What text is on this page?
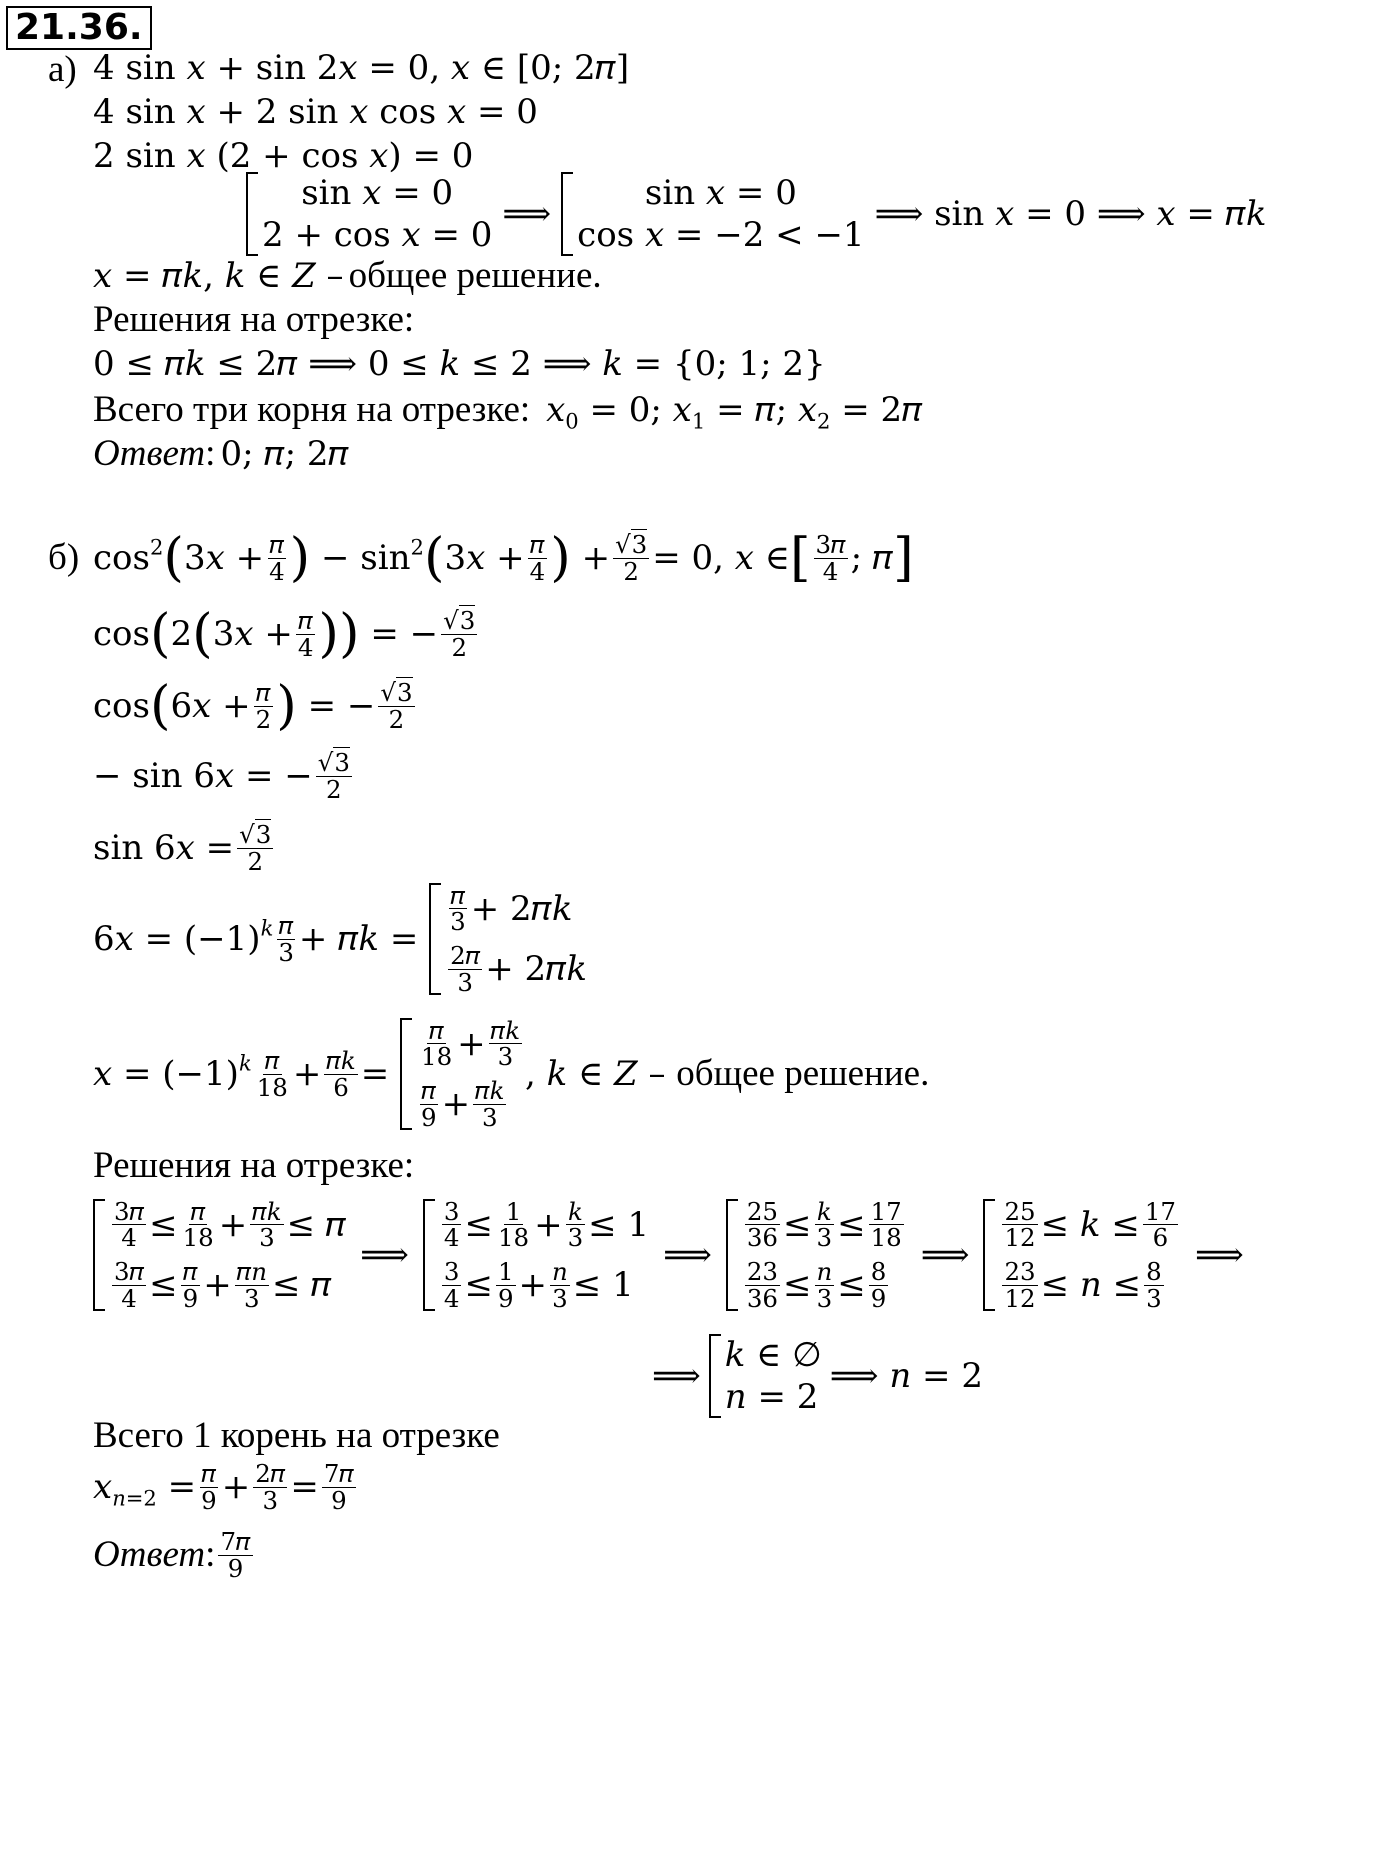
21.36.
а) 4 sin 𝑥 + sin 2𝑥 = 0, 𝑥 ∈ [0; 2𝜋]
4 sin 𝑥 + 2 sin 𝑥 cos 𝑥 = 0
2 sin 𝑥 (2 + cos 𝑥) = 0
sin 𝑥 = 0
2 + cos 𝑥 = 0
⟹
sin 𝑥 = 0
cos 𝑥 = −2 < −1
⟹ sin 𝑥 = 0 ⟹ 𝑥 = 𝜋𝑘
𝑥 = 𝜋𝑘, 𝑘 ∈ 𝑍 – общее решение.
Решения на отрезке:
0 ≤ 𝜋𝑘 ≤ 2𝜋 ⟹ 0 ≤ 𝑘 ≤ 2 ⟹ 𝑘 = {0; 1; 2}
Всего три корня на отрезке:  𝑥$_0$ = 0; 𝑥$_1$ = 𝜋; 𝑥$_2$ = 2𝜋
Ответ: 0; 𝜋; 2𝜋
б) $\cos^2$ ( 3𝑥 + 𝜋
4 ) − $\sin^2$ ( 3𝑥 + 𝜋
4 ) + $\frac{√3}{2} = 0$, 𝑥 ∈ [ 3𝜋
4 ; 𝜋 ]
cos ( 2 ( 3𝑥 + 𝜋
4 )) = − $\frac{√3}{2}$
cos ( 6𝑥 + 𝜋
2 ) = − $\frac{√3}{2}$
− sin 6𝑥 = − $\frac{√3}{2}$
sin 6𝑥 = $\frac{√3}{2}$
6𝑥 = $(-1)^𝑘$ 𝜋
3 + 𝜋𝑘 =
𝜋
3 + 2𝜋𝑘
2𝜋
3 + 2𝜋𝑘
𝑥 = $(-1)^𝑘$ 𝜋
18 + 𝜋𝑘
6 =
𝜋
18 + 𝜋𝑘
3
𝜋
9 + 𝜋𝑘
3
, 𝑘 ∈ 𝑍 – общее решение.
Решения на отрезке:
3𝜋
4 ≤ 𝜋
18 + 𝜋𝑘
3 ≤ 𝜋
3𝜋
4 ≤ 𝜋
9 + 𝜋𝑛
3 ≤ 𝜋
⟹
$\frac{3}{4} \le \frac{1}{18}$ + 𝑘
3 ≤ 1
$\frac{3}{4} \le \frac{1}{9}$ + 𝑛
3 ≤ 1
⟹
$\frac{25}{36}$ ≤ 𝑘
$3 \le \frac{17}{18}$
$\frac{23}{36}$ ≤ 𝑛
$3 \le \frac{8}{9}$
⟹
$\frac{25}{12}$ ≤ 𝑘 ≤ $\frac{17}{6}$
$\frac{23}{12}$ ≤ 𝑛 ≤ $\frac{8}{3}$
⟹
⟹
𝑘 ∈ ∅
𝑛 = 2
⟹ 𝑛 = 2
Всего 1 корень на отрезке
𝑥$_{𝑛=2}$ = 𝜋
9 + 2𝜋
3 = 7𝜋
9
Ответ : 7𝜋
9
